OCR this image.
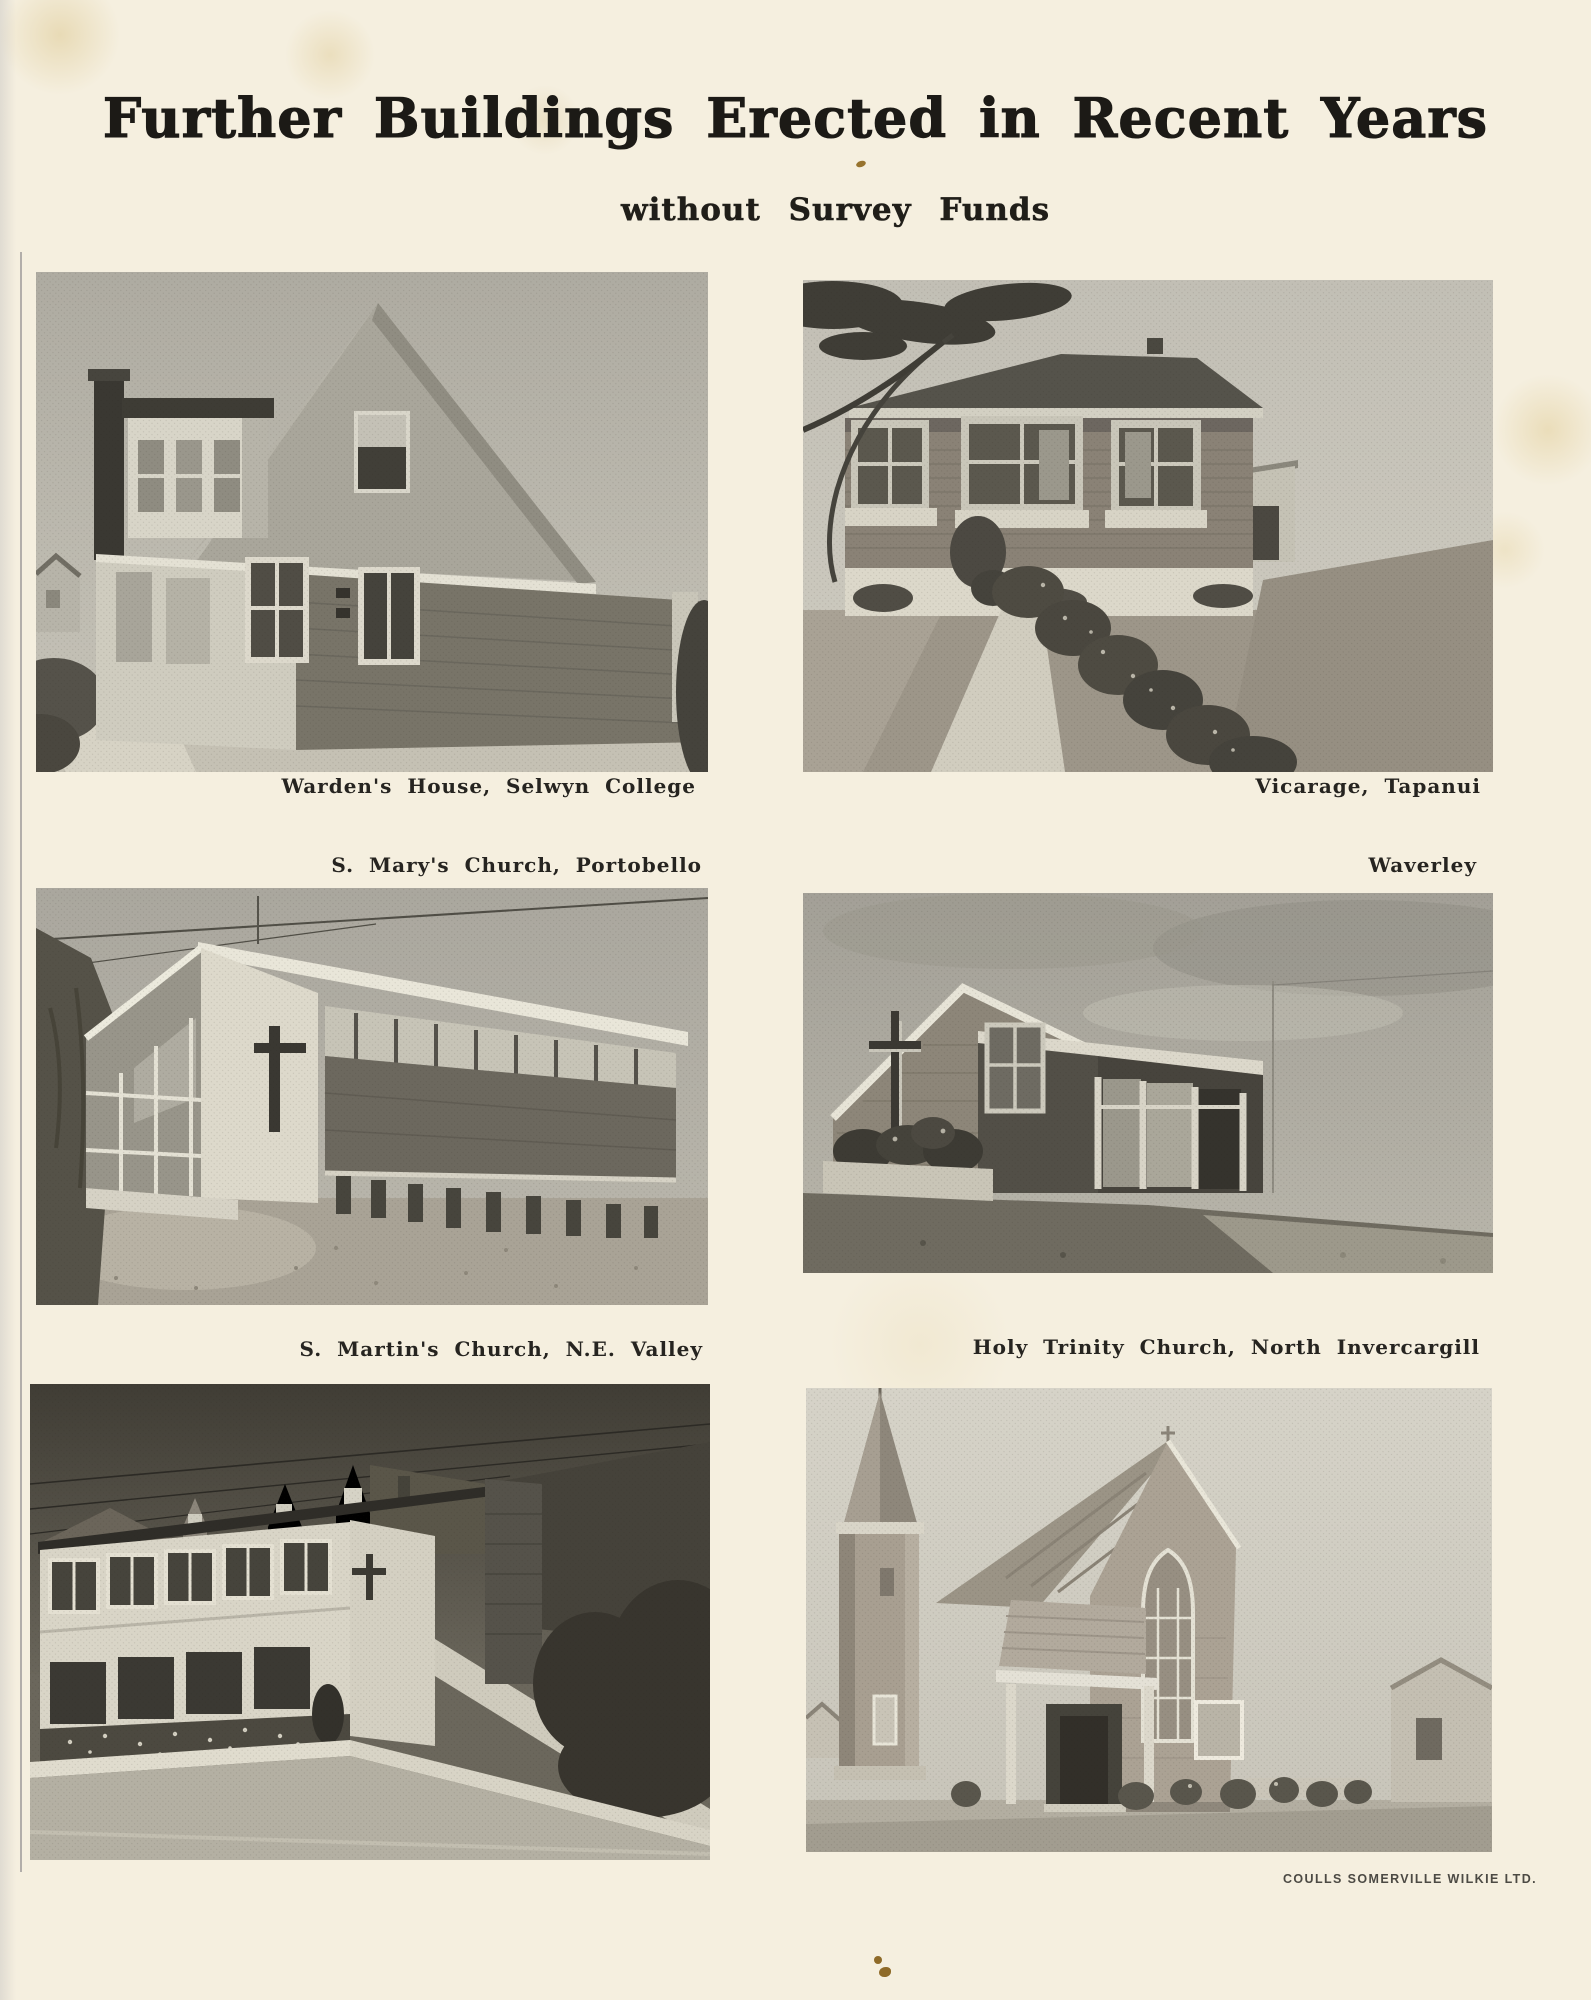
Further Buildings Erected in Recent Years
without Survey Funds
Warden's House, Selwyn College	Vicarage, Tapanui
S. Mary's Church, Portobello	Waverley
S. Martin's Church, N.E. Valley	Holy Trinity Church, North Invercargill
COULLS SOMERVILLE WILKIE LTD.
